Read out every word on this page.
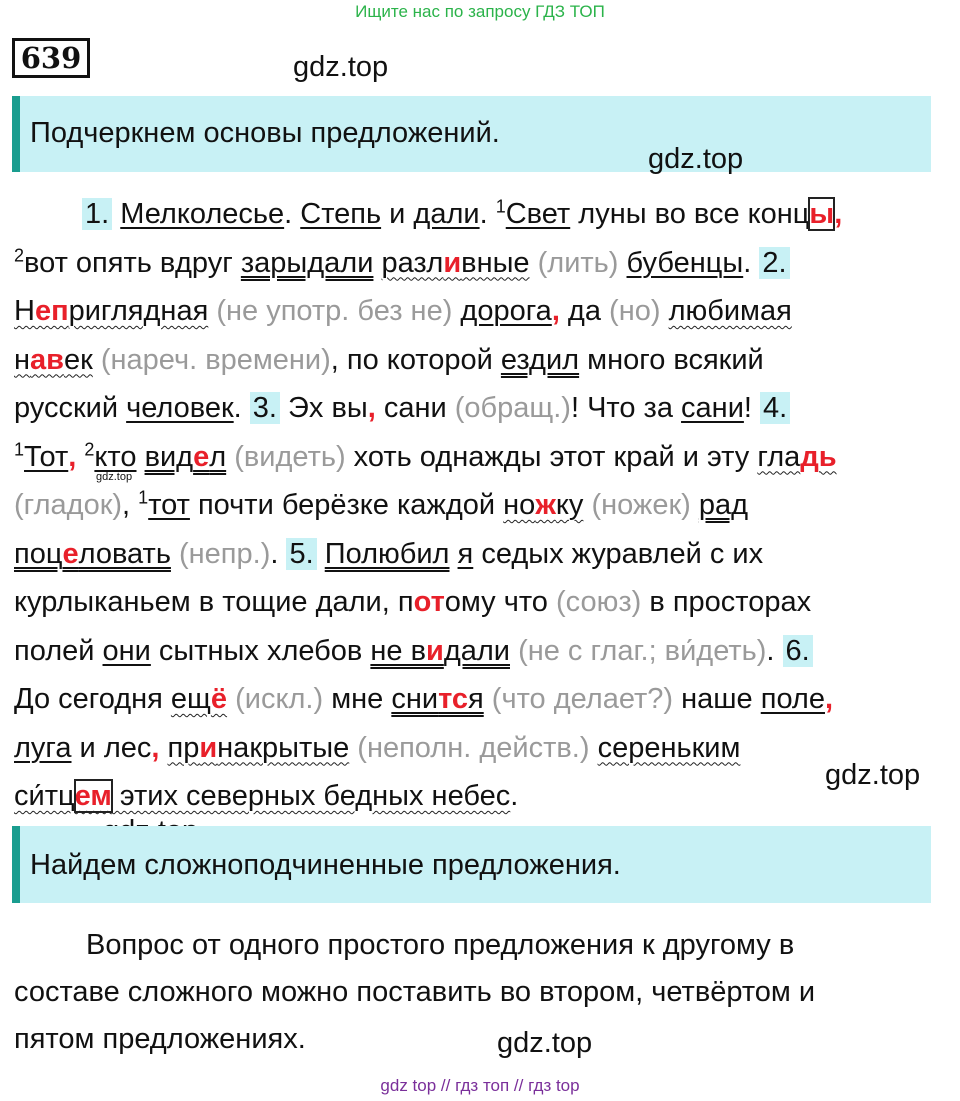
Ищите нас по запросу ГДЗ ТОП
639	gdz.top
Подчеркнем основы предложений.
gdz.top
1. Мелколесье. Степь и дали. $^1$Свет луны во все концы,
$^2$вот опять вдруг зарыдали разливные (лить) бубенцы. 2.
Неприглядная (не употр. без не) дорога, да (но) любимая
навек (нареч. времени), по которой ездил много всякий
русский человек. 3. Эх вы, сани (обращ.)! Что за сани! 4.
$^1$Тот, $^2$кто видел (видеть) хоть однажды этот край и эту гладь
(гладок), $^1$тот почти берёзке каждой ножку (ножек) рад
поцеловать (непр.). 5. Полюбил я седых журавлей с их
курлыканьем в тощие дали, потому что (союз) в просторах
полей они сытных хлебов не видали (не с глаг.; ви́деть). 6.
До сегодня ещё (искл.) мне снится (что делает?) наше поле,
луга и лес, принакрытые (неполн. действ.) сереньким
си́тцем этих северных бедных небес.
gdz.top
gdz.top
Найдем сложноподчиненные предложения.
Вопрос от одного простого предложения к другому в
составе сложного можно поставить во втором, четвёртом и
пятом предложениях.	gdz.top
gdz top // гдз топ // гдз top
